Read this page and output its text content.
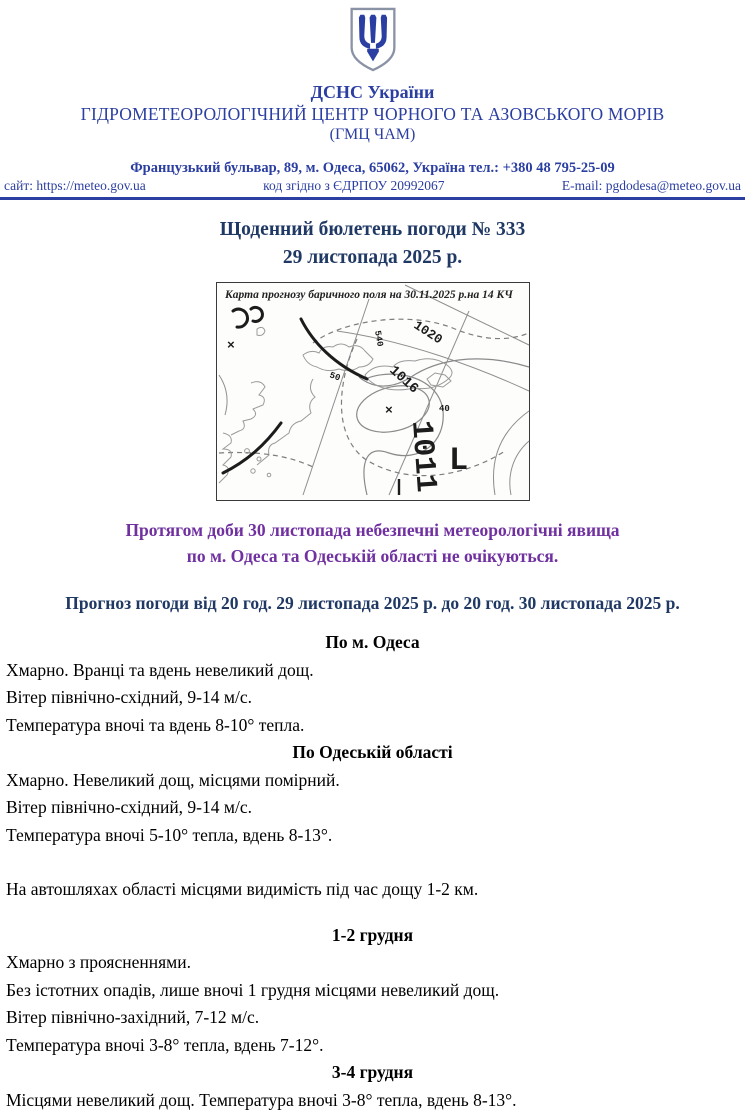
ДСНС України
ГІДРОМЕТЕОРОЛОГІЧНИЙ ЦЕНТР ЧОРНОГО ТА АЗОВСЬКОГО МОРІВ
(ГМЦ ЧАМ)
Французький бульвар, 89, м. Одеса, 65062, Україна тел.: +380 48 795-25-09
сайт: https://meteo.gov.ua	код згідно з ЄДРПОУ 20992067	E-mail: pgdodesa@meteo.gov.ua
Щоденний бюлетень погоди № 333
29 листопада 2025 р.
×
×
1020
1016
540
50
40
1011 L
Карта прогнозу баричного поля на 30.11.2025 р.на 14 КЧ
Протягом доби 30 листопада небезпечні метеорологічні явища
по м. Одеса та Одеській області не очікуються.
Прогноз погоди від 20 год. 29 листопада 2025 р. до 20 год. 30 листопада 2025 р.
По м. Одеса

Хмарно. Вранці та вдень невеликий дощ.

Вітер північно-східний, 9-14 м/с.

Температура вночі та вдень 8-10° тепла.

По Одеській області

Хмарно. Невеликий дощ, місцями помірний.

Вітер північно-східний, 9-14 м/с.

Температура вночі 5-10° тепла, вдень 8-13°.

На автошляхах області місцями видимість під час дощу 1-2 км.

1-2 грудня

Хмарно з проясненнями.

Без істотних опадів, лише вночі 1 грудня місцями невеликий дощ.

Вітер північно-західний, 7-12 м/с.

Температура вночі 3-8° тепла, вдень 7-12°.

3-4 грудня

Місцями невеликий дощ. Температура вночі 3-8° тепла, вдень 8-13°.
